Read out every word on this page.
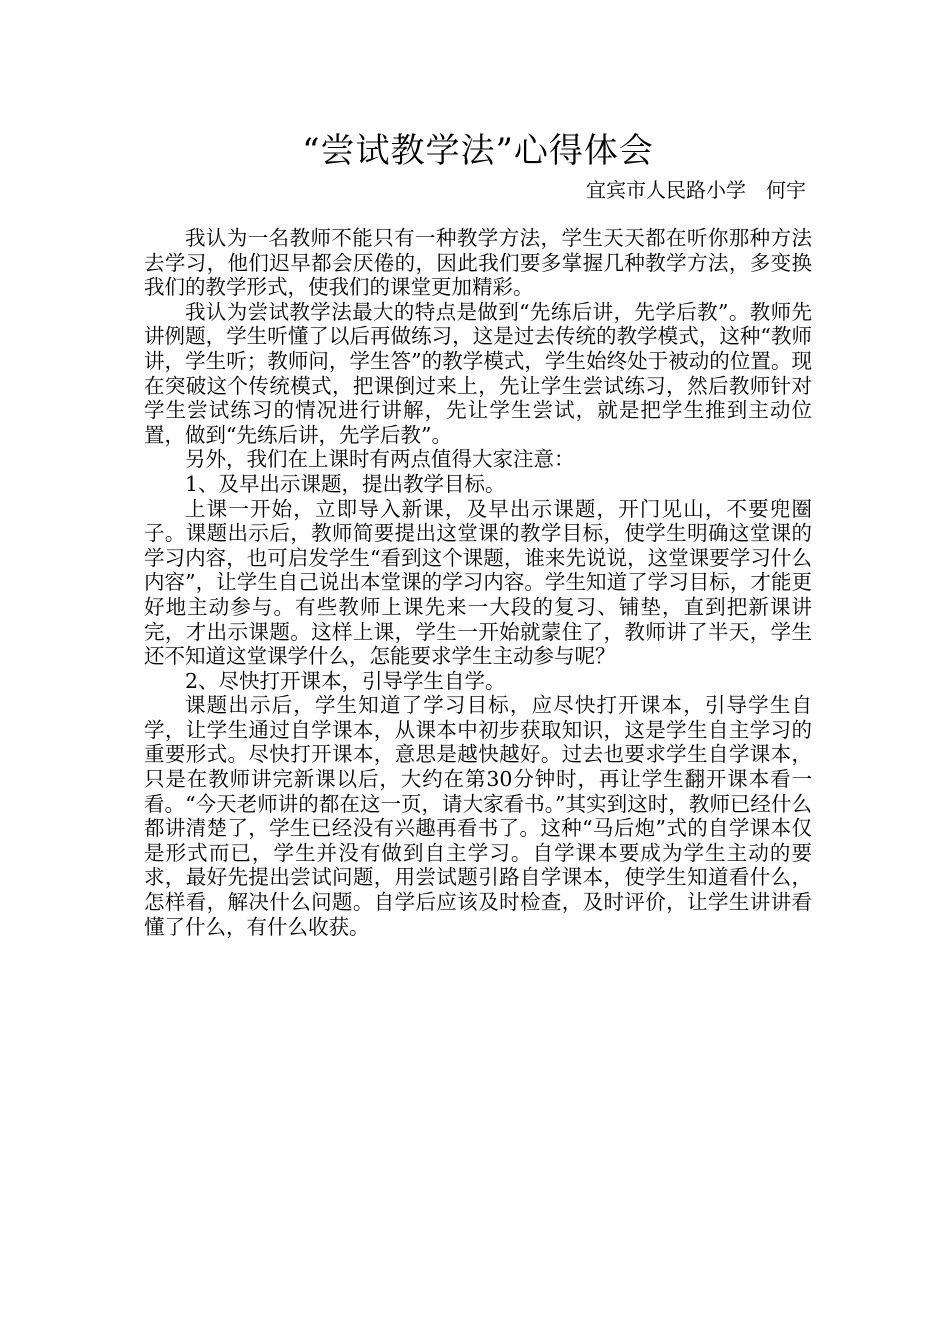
“尝试教学法”心得体会
宜宾市人民路小学　何宇

我认为一名教师不能只有一种教学方法，学生天天都在听你那种方法去学习，他们迟早都会厌倦的，因此我们要多掌握几种教学方法，多变换我们的教学形式，使我们的课堂更加精彩。

我认为尝试教学法最大的特点是做到“先练后讲，先学后教”。教师先讲例题，学生听懂了以后再做练习，这是过去传统的教学模式，这种“教师讲，学生听；教师问，学生答”的教学模式，学生始终处于被动的位置。现在突破这个传统模式，把课倒过来上，先让学生尝试练习，然后教师针对学生尝试练习的情况进行讲解，先让学生尝试，就是把学生推到主动位置，做到“先练后讲，先学后教”。

另外，我们在上课时有两点值得大家注意：

1、及早出示课题，提出教学目标。

上课一开始，立即导入新课，及早出示课题，开门见山，不要兜圈子。课题出示后，教师简要提出这堂课的教学目标，使学生明确这堂课的学习内容，也可启发学生“看到这个课题，谁来先说说，这堂课要学习什么内容”，让学生自己说出本堂课的学习内容。学生知道了学习目标，才能更好地主动参与。有些教师上课先来一大段的复习、铺垫，直到把新课讲完，才出示课题。这样上课，学生一开始就蒙住了，教师讲了半天，学生还不知道这堂课学什么，怎能要求学生主动参与呢？

2、尽快打开课本，引导学生自学。

课题出示后，学生知道了学习目标，应尽快打开课本，引导学生自学，让学生通过自学课本，从课本中初步获取知识，这是学生自主学习的重要形式。尽快打开课本，意思是越快越好。过去也要求学生自学课本，只是在教师讲完新课以后，大约在第30分钟时，再让学生翻开课本看一看。“今天老师讲的都在这一页，请大家看书。”其实到这时，教师已经什么都讲清楚了，学生已经没有兴趣再看书了。这种“马后炮”式的自学课本仅是形式而已，学生并没有做到自主学习。自学课本要成为学生主动的要求，最好先提出尝试问题，用尝试题引路自学课本，使学生知道看什么，怎样看，解决什么问题。自学后应该及时检查，及时评价，让学生讲讲看懂了什么，有什么收获。
